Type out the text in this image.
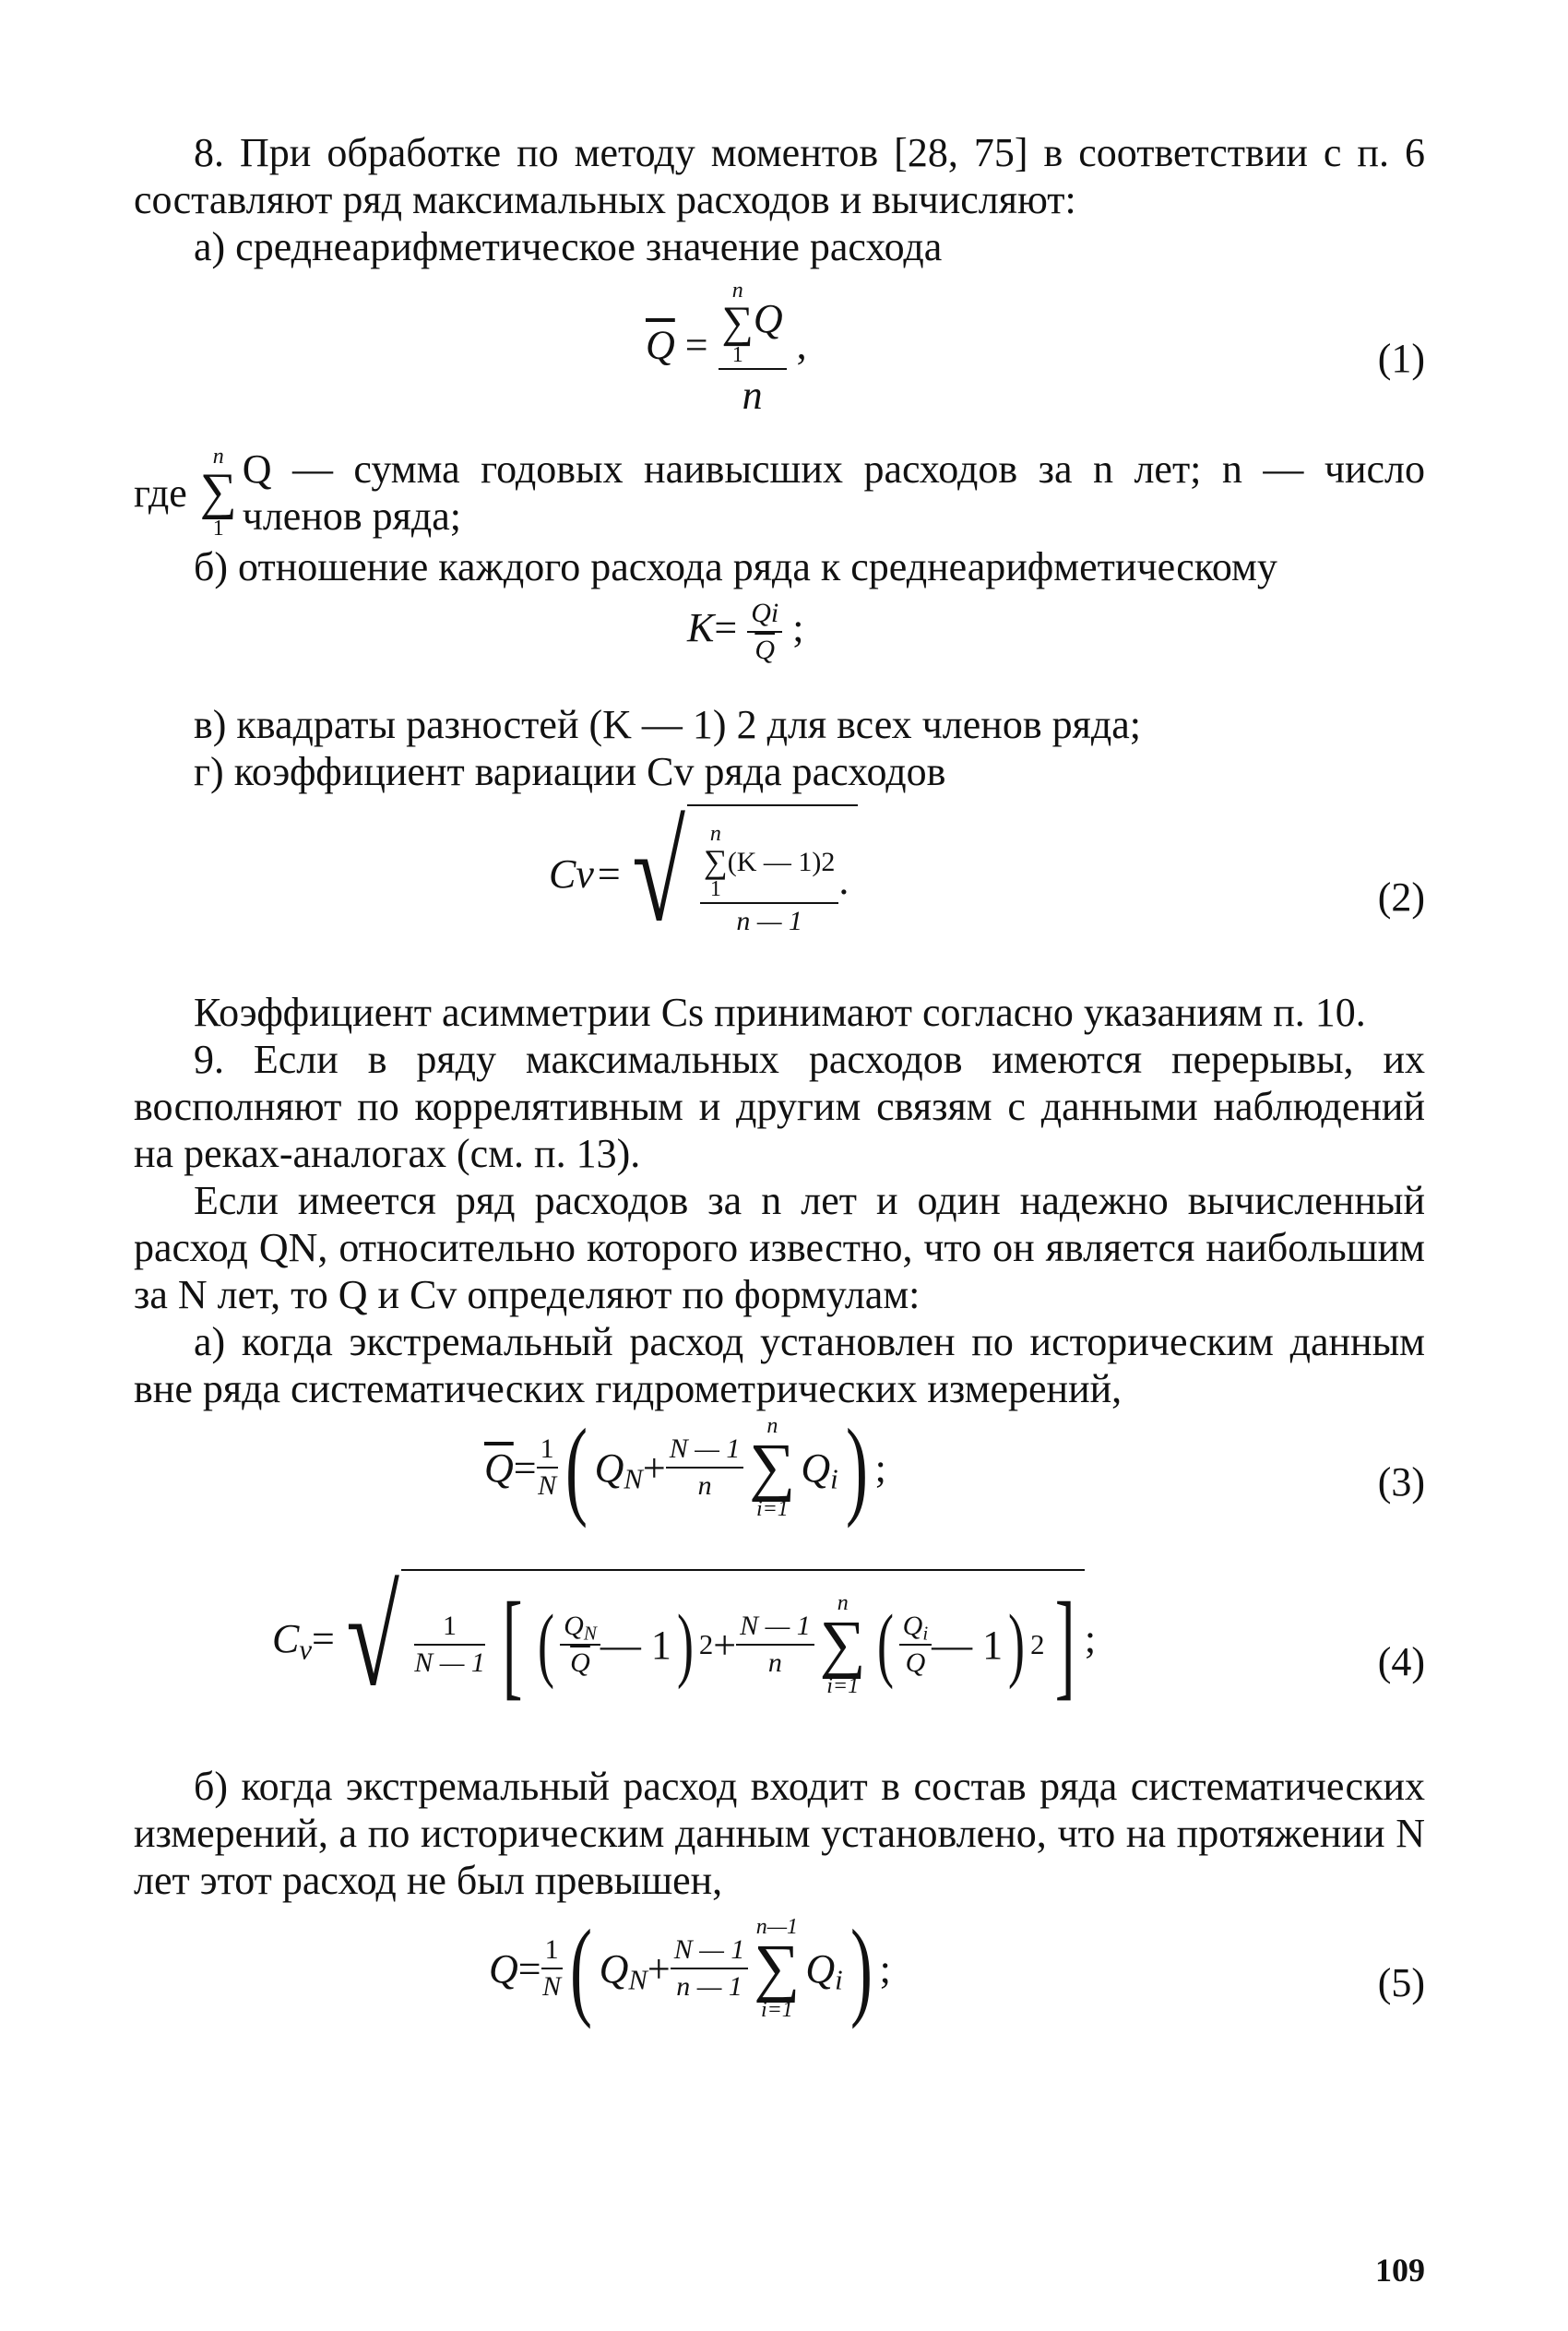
8. При обработке по методу моментов [28, 75] в соответствии с п. 6 составляют ряд максимальных расходов и вычисляют:

а) среднеарифметическое значение расхода

$\overline{Q} = n$
∑
1
Q
n ,	(1)
где
n
∑
1

Q — сумма годовых наивысших расходов за n лет; n — число членов ряда;

б) отношение каждого расхода ряда к среднеарифметическому

$K= \frac{Qi}{Q}$ ;

в) квадраты разностей (K — 1) 2 для всех членов ряда;

г) коэффициент вариации Cv ряда расходов

Cv = √ n
∑
1
(K — 1)2
n — 1 .	(2)

Коэффициент асимметрии Cs принимают согласно указаниям п. 10.

9. Если в ряду максимальных расходов имеются перерывы, их восполняют по коррелятивным и другим связям с данными наблюдений на реках-аналогах (см. п. 13).

Если имеется ряд расходов за n лет и один надежно вычисленный расход QN, относительно которого известно, что он является наибольшим за N лет, то Q и Cv определяют по формулам:

а) когда экстремальный расход установлен по историческим данным вне ряда систематических гидрометрических измерений,

$\overline{Q} = \frac{1}{N}$ ( $Q_N + \frac{N — 1}{n}$
n
∑
i=1
$Q_i$ ) ;	(3)
$C_v$ = √ $\frac{1}{N — 1}$ [ ( $\frac{Q_N}{Q}$ — 1 ) $2 + \frac{N — 1}{n}$
n
∑
i=1 ( $\frac{Q_i}{Q}$ — 1 ) 2 ] ;
(4)

б) когда экстремальный расход входит в состав ряда систематических измерений, а по историческим данным установлено, что на протяжении N лет этот расход не был превышен,

$Q = \frac{1}{N}$ ( $Q_N + \frac{N — 1}{n — 1}$
n—1
∑
i=1
$Q_i$ ) ;	(5)
109
